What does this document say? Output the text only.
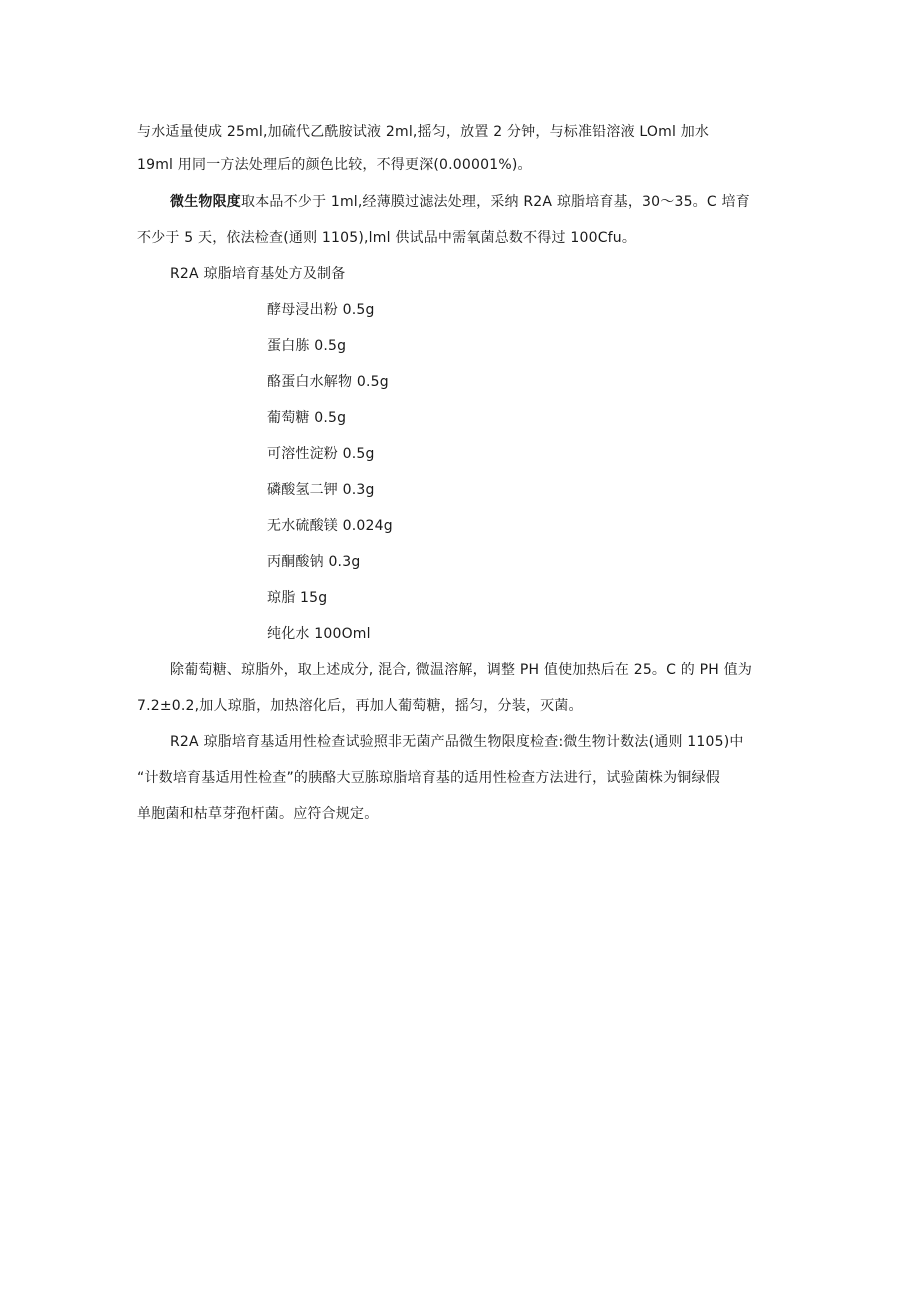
与水适量使成 25ml,加硫代乙酰胺试液 2ml,摇匀，放置 2 分钟，与标准铅溶液 LOml 加水
19ml 用同一方法处理后的颜色比较，不得更深(0.00001%)。
微生物限度取本品不少于 1ml,经薄膜过滤法处理，采纳 R2A 琼脂培育基，30～35。C 培育
不少于 5 天，依法检查(通则 1105),lml 供试品中需氧菌总数不得过 100Cfu。
R2A 琼脂培育基处方及制备
酵母浸出粉 0.5g
蛋白胨 0.5g
酪蛋白水解物 0.5g
葡萄糖 0.5g
可溶性淀粉 0.5g
磷酸氢二钾 0.3g
无水硫酸镁 0.024g
丙酮酸钠 0.3g
琼脂 15g
纯化水 100Oml
除葡萄糖、琼脂外，取上述成分, 混合, 微温溶解，调整 PH 值使加热后在 25。C 的 PH 值为
7.2±0.2,加人琼脂，加热溶化后，再加人葡萄糖，摇匀，分装，灭菌。
R2A 琼脂培育基适用性检查试验照非无菌产品微生物限度检查:微生物计数法(通则 1105)中
“计数培育基适用性检查”的胰酪大豆胨琼脂培育基的适用性检查方法进行，试验菌株为铜绿假
单胞菌和枯草芽孢杆菌。应符合规定。
